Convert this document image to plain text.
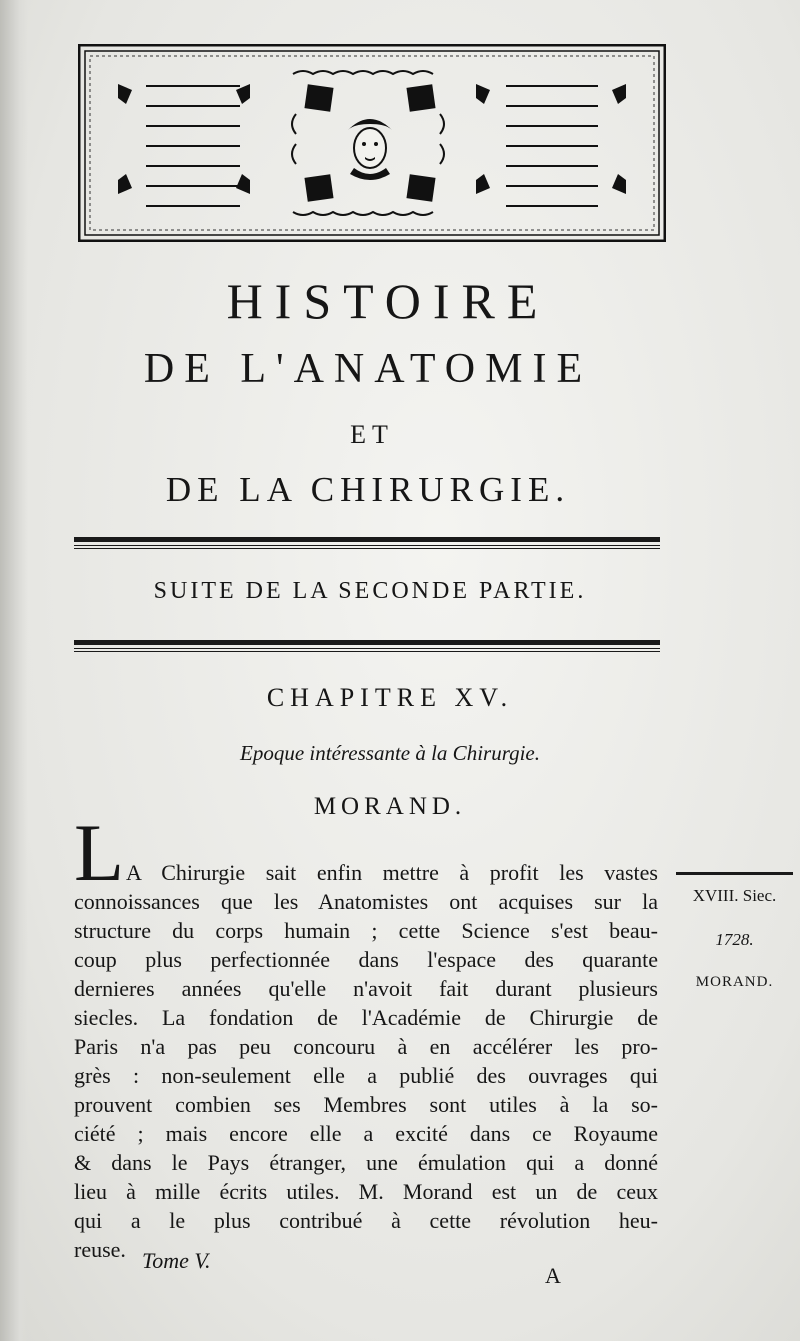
HISTOIRE
DE L'ANATOMIE
ET
DE LA CHIRURGIE.
SUITE DE LA SECONDE PARTIE.
CHAPITRE XV.
Epoque intéressante à la Chirurgie.
MORAND.
L A Chirurgie sait enfin mettre à profit les vastes
connoissances que les Anatomistes ont acquises sur la
structure du corps humain ; cette Science s'est beau-
coup plus perfectionnée dans l'espace des quarante
dernieres années qu'elle n'avoit fait durant plusieurs
siecles. La fondation de l'Académie de Chirurgie de
Paris n'a pas peu concouru à en accélérer les pro-
grès : non-seulement elle a publié des ouvrages qui
prouvent combien ses Membres sont utiles à la so-
ciété ; mais encore elle a excité dans ce Royaume
& dans le Pays étranger, une émulation qui a donné
lieu à mille écrits utiles. M. Morand est un de ceux
qui a le plus contribué à cette révolution heu-
reuse.
XVIII. Siec.
1728.
MORAND.
Tome V.
A
